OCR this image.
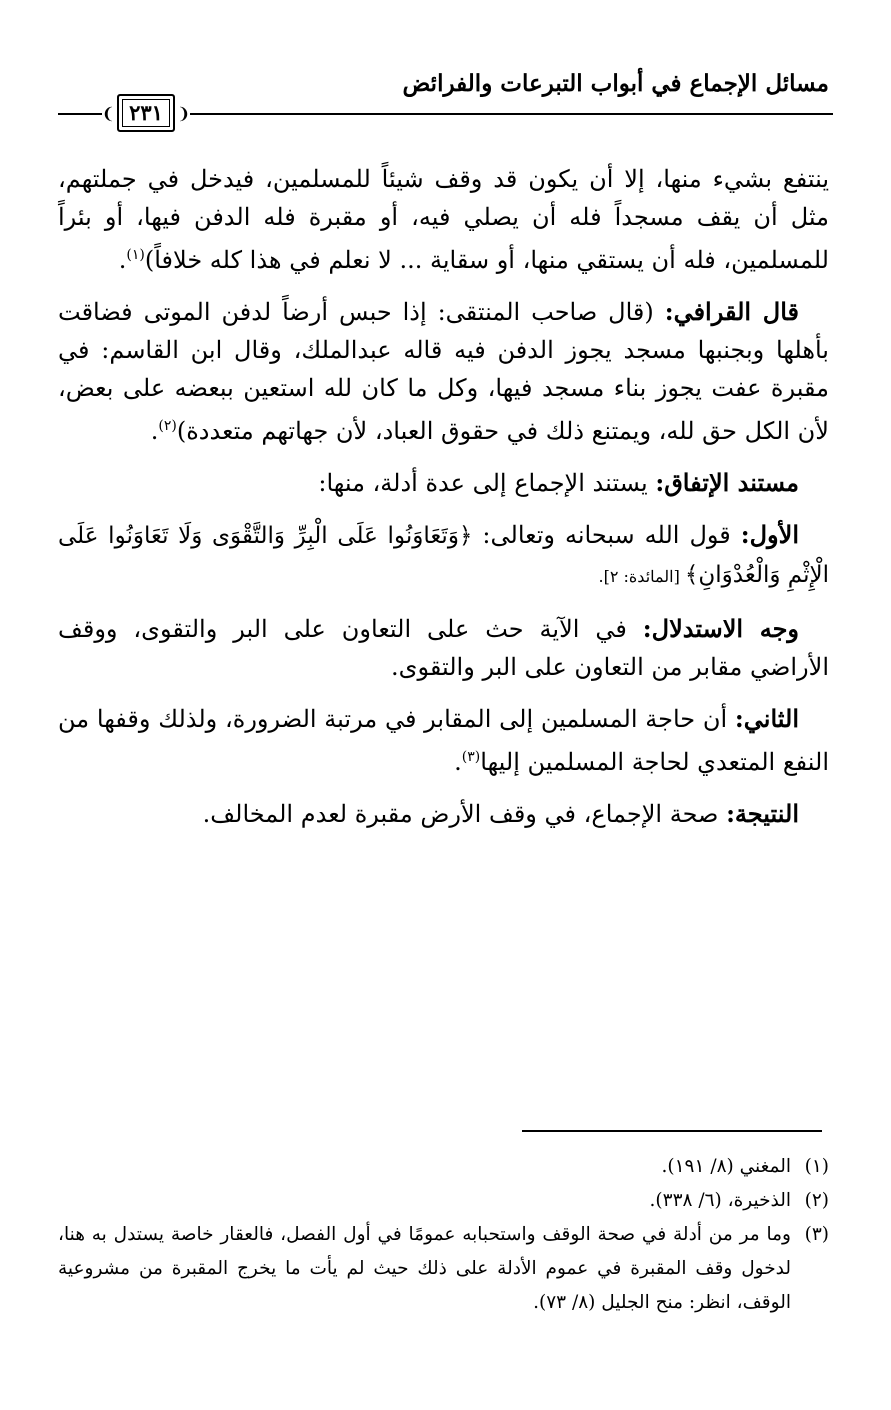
مسائل الإجماع في أبواب التبرعات والفرائض
❨ ٢٣١ ❩

ينتفع بشيء منها، إلا أن يكون قد وقف شيئاً للمسلمين، فيدخل في جملتهم، مثل أن يقف مسجداً فله أن يصلي فيه، أو مقبرة فله الدفن فيها، أو بئراً للمسلمين، فله أن يستقي منها، أو سقاية ... لا نعلم في هذا كله خلافاً)$^{(١)}$.

قال القرافي: (قال صاحب المنتقى: إذا حبس أرضاً لدفن الموتى فضاقت بأهلها وبجنبها مسجد يجوز الدفن فيه قاله عبدالملك، وقال ابن القاسم: في مقبرة عفت يجوز بناء مسجد فيها، وكل ما كان لله استعين ببعضه على بعض، لأن الكل حق لله، ويمتنع ذلك في حقوق العباد، لأن جهاتهم متعددة)$^{(٢)}$.

مستند الإتفاق: يستند الإجماع إلى عدة أدلة، منها:

الأول: قول الله سبحانه وتعالى: ﴿وَتَعَاوَنُوا عَلَى الْبِرِّ وَالتَّقْوَى وَلَا تَعَاوَنُوا عَلَى الْإِثْمِ وَالْعُدْوَانِ﴾ [المائدة: ٢].

وجه الاستدلال: في الآية حث على التعاون على البر والتقوى، ووقف الأراضي مقابر من التعاون على البر والتقوى.

الثاني: أن حاجة المسلمين إلى المقابر في مرتبة الضرورة، ولذلك وقفها من النفع المتعدي لحاجة المسلمين إليها$^{(٣)}$.

النتيجة: صحة الإجماع، في وقف الأرض مقبرة لعدم المخالف.

(١)
المغني (٨/ ١٩١).
(٢)
الذخيرة، (٦/ ٣٣٨).
(٣)
وما مر من أدلة في صحة الوقف واستحبابه عمومًا في أول الفصل، فالعقار خاصة يستدل به هنا، لدخول وقف المقبرة في عموم الأدلة على ذلك حيث لم يأت ما يخرج المقبرة من مشروعية الوقف، انظر: منح الجليل (٨/ ٧٣).
